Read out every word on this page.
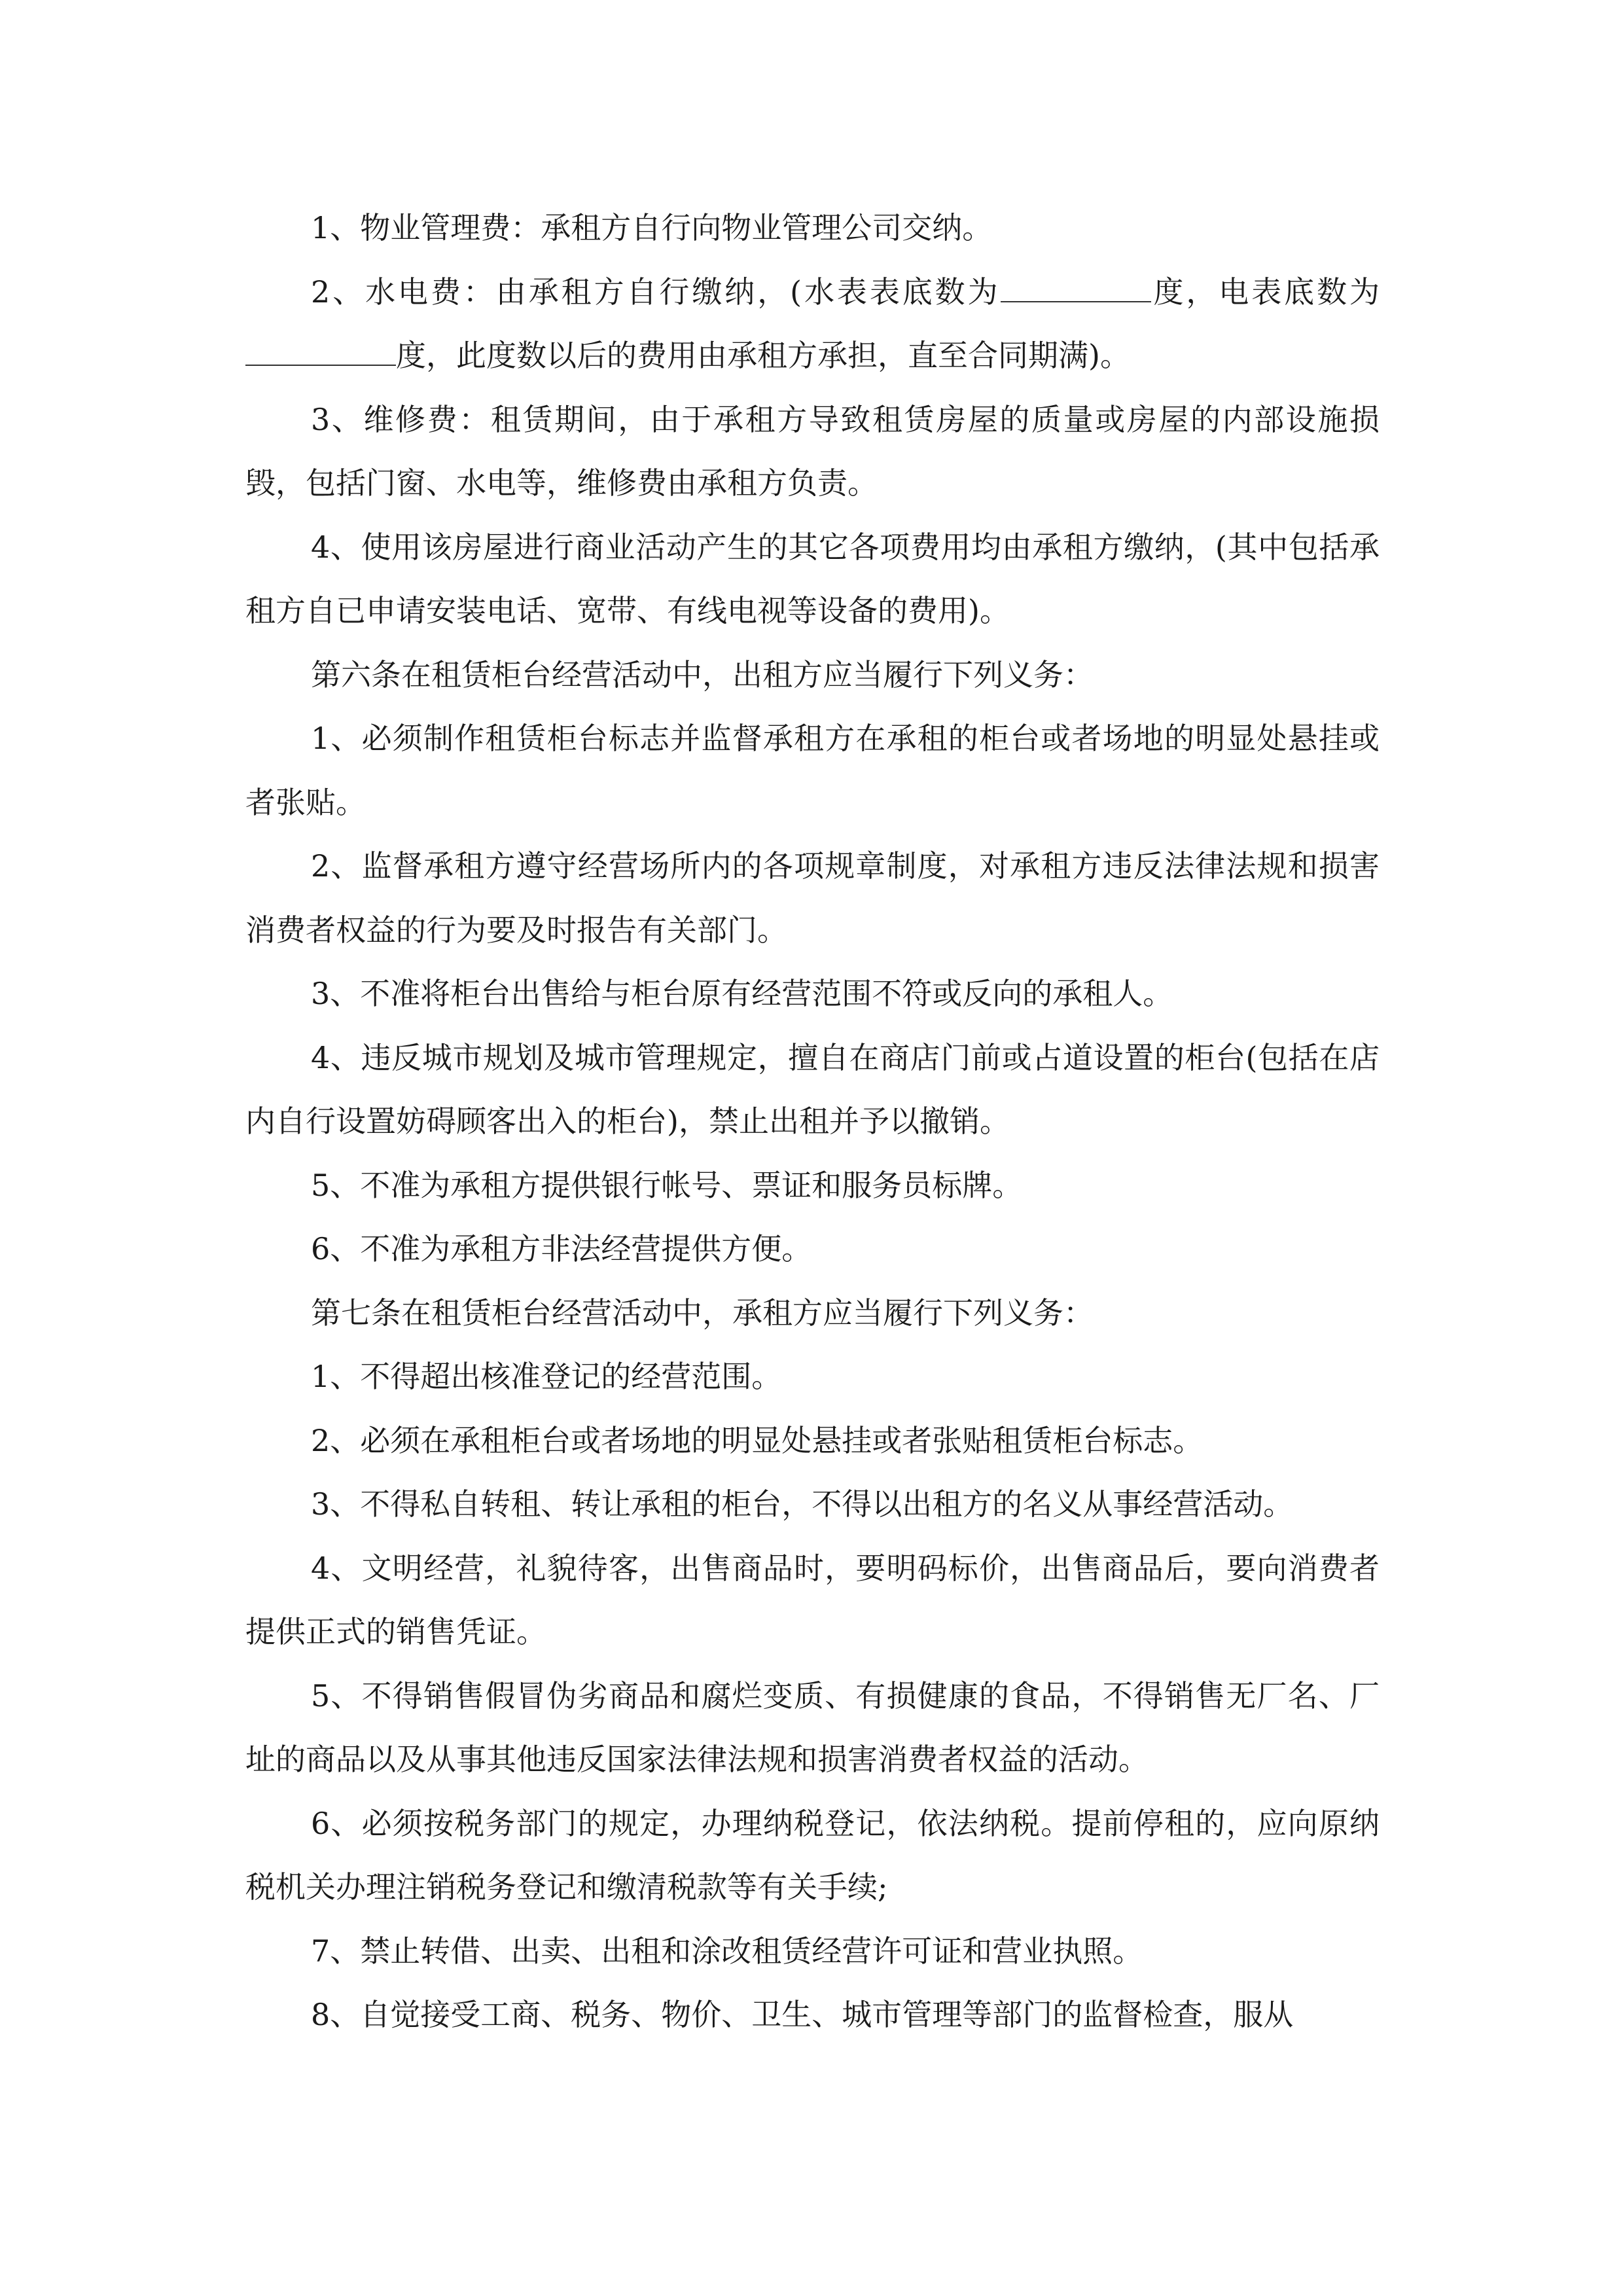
1、物业管理费：承租方自行向物业管理公司交纳。

2、水电费：由承租方自行缴纳，(水表表底数为	度，电表底数为度，此度数以后的费用由承租方承担，直至合同期满)。

3、维修费：租赁期间，由于承租方导致租赁房屋的质量或房屋的内部设施损毁，包括门窗、水电等，维修费由承租方负责。

4、使用该房屋进行商业活动产生的其它各项费用均由承租方缴纳，(其中包括承租方自已申请安装电话、宽带、有线电视等设备的费用)。

第六条在租赁柜台经营活动中，出租方应当履行下列义务：

1、必须制作租赁柜台标志并监督承租方在承租的柜台或者场地的明显处悬挂或者张贴。

2、监督承租方遵守经营场所内的各项规章制度，对承租方违反法律法规和损害消费者权益的行为要及时报告有关部门。

3、不准将柜台出售给与柜台原有经营范围不符或反向的承租人。

4、违反城市规划及城市管理规定，擅自在商店门前或占道设置的柜台(包括在店内自行设置妨碍顾客出入的柜台)，禁止出租并予以撤销。

5、不准为承租方提供银行帐号、票证和服务员标牌。

6、不准为承租方非法经营提供方便。

第七条在租赁柜台经营活动中，承租方应当履行下列义务：

1、不得超出核准登记的经营范围。

2、必须在承租柜台或者场地的明显处悬挂或者张贴租赁柜台标志。

3、不得私自转租、转让承租的柜台，不得以出租方的名义从事经营活动。

4、文明经营，礼貌待客，出售商品时，要明码标价，出售商品后，要向消费者提供正式的销售凭证。

5、不得销售假冒伪劣商品和腐烂变质、有损健康的食品，不得销售无厂名、厂址的商品以及从事其他违反国家法律法规和损害消费者权益的活动。

6、必须按税务部门的规定，办理纳税登记，依法纳税。提前停租的，应向原纳税机关办理注销税务登记和缴清税款等有关手续;

7、禁止转借、出卖、出租和涂改租赁经营许可证和营业执照。

8、自觉接受工商、税务、物价、卫生、城市管理等部门的监督检查，服从
